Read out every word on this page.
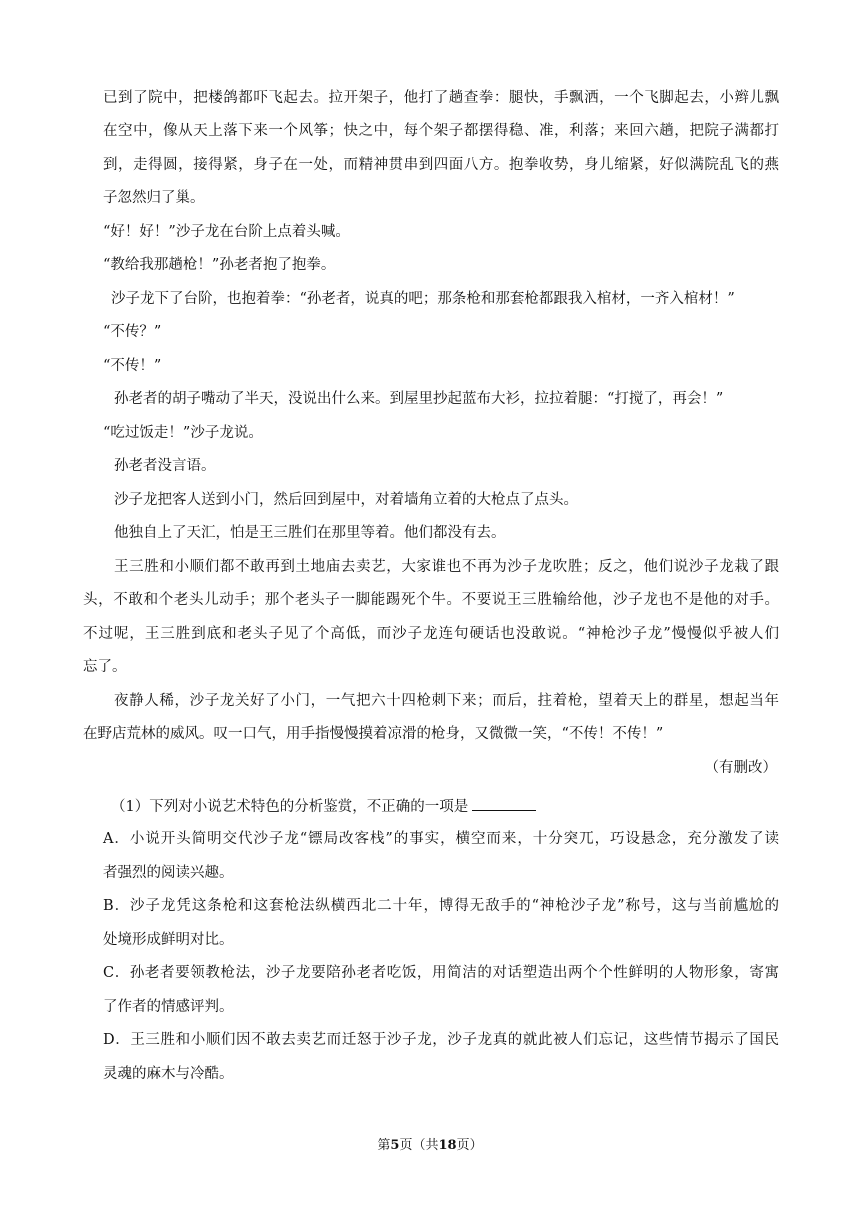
已到了院中，把楼鸽都吓飞起去。拉开架子，他打了趟查拳：腿快，手飘洒，一个飞脚起去，小辫儿飘
在空中，像从天上落下来一个风筝；快之中，每个架子都摆得稳、准，利落；来回六趟，把院子满都打
到，走得圆，接得紧，身子在一处，而精神贯串到四面八方。抱拳收势，身儿缩紧，好似满院乱飞的燕
子忽然归了巢。
“好！好！”沙子龙在台阶上点着头喊。
“教给我那趟枪！”孙老者抱了抱拳。
沙子龙下了台阶，也抱着拳：“孙老者，说真的吧；那条枪和那套枪都跟我入棺材，一齐入棺材！”
“不传？”
“不传！”
孙老者的胡子嘴动了半天，没说出什么来。到屋里抄起蓝布大衫，拉拉着腿：“打搅了，再会！”
“吃过饭走！”沙子龙说。
孙老者没言语。
沙子龙把客人送到小门，然后回到屋中，对着墙角立着的大枪点了点头。
他独自上了天汇，怕是王三胜们在那里等着。他们都没有去。
王三胜和小顺们都不敢再到土地庙去卖艺，大家谁也不再为沙子龙吹胜；反之，他们说沙子龙栽了跟
头，不敢和个老头儿动手；那个老头子一脚能踢死个牛。不要说王三胜输给他，沙子龙也不是他的对手。
不过呢，王三胜到底和老头子见了个高低，而沙子龙连句硬话也没敢说。“神枪沙子龙”慢慢似乎被人们
忘了。
夜静人稀，沙子龙关好了小门，一气把六十四枪刺下来；而后，拄着枪，望着天上的群星，想起当年
在野店荒林的威风。叹一口气，用手指慢慢摸着凉滑的枪身，又微微一笑，“不传！不传！”
（有删改）
（1）下列对小说艺术特色的分析鉴赏，不正确的一项是
A．小说开头简明交代沙子龙“镖局改客栈”的事实，横空而来，十分突兀，巧设悬念，充分激发了读
者强烈的阅读兴趣。
B．沙子龙凭这条枪和这套枪法纵横西北二十年，博得无敌手的“神枪沙子龙”称号，这与当前尴尬的
处境形成鲜明对比。
C．孙老者要领教枪法，沙子龙要陪孙老者吃饭，用简洁的对话塑造出两个个性鲜明的人物形象，寄寓
了作者的情感评判。
D．王三胜和小顺们因不敢去卖艺而迁怒于沙子龙，沙子龙真的就此被人们忘记，这些情节揭示了国民
灵魂的麻木与冷酷。
第5页（共18页）
